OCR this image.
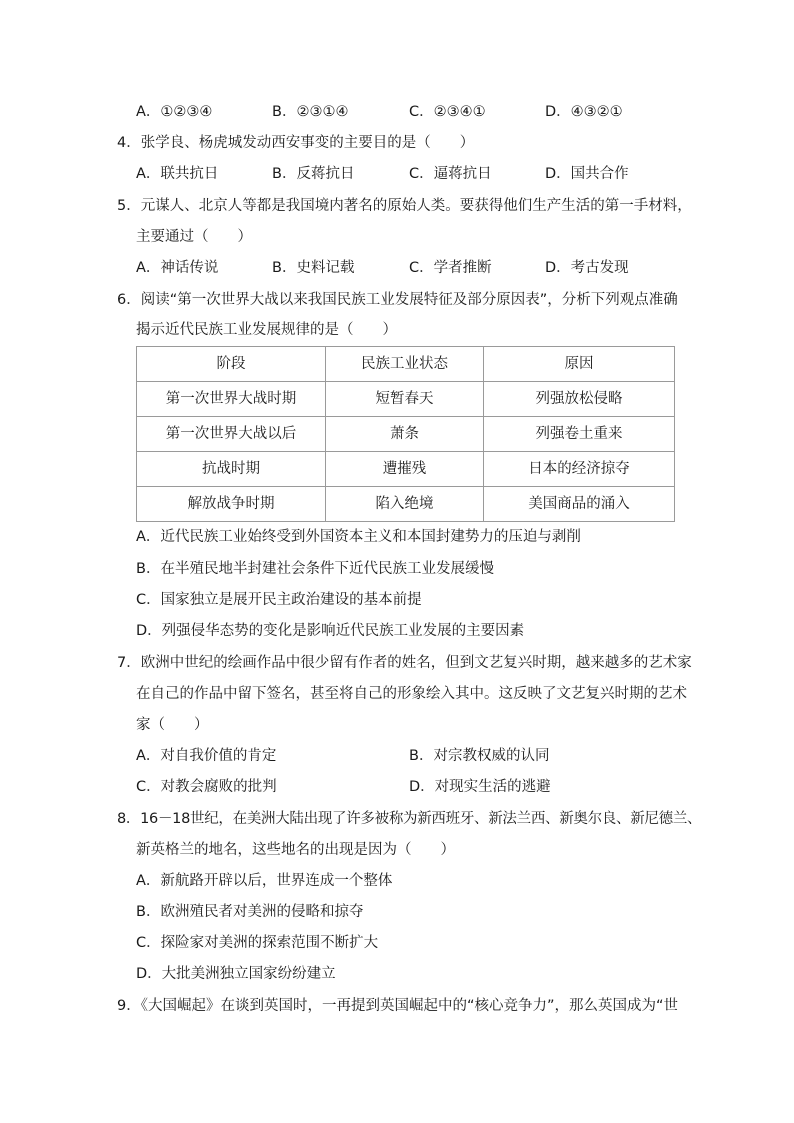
A．①②③④	B．②③①④	C．②③④①	D．④③②①
4．张学良、杨虎城发动西安事变的主要目的是（　　）
A．联共抗日	B．反蒋抗日	C．逼蒋抗日	D．国共合作
5．元谋人、北京人等都是我国境内著名的原始人类。要获得他们生产生活的第一手材料，
主要通过（　　）
A．神话传说	B．史料记载	C．学者推断	D．考古发现
6．阅读“第一次世界大战以来我国民族工业发展特征及部分原因表”，分析下列观点准确
揭示近代民族工业发展规律的是（　　）
阶段	民族工业状态	原因
第一次世界大战时期	短暂春天	列强放松侵略
第一次世界大战以后	萧条	列强卷土重来
抗战时期	遭摧残	日本的经济掠夺
解放战争时期	陷入绝境	美国商品的涌入
A．近代民族工业始终受到外国资本主义和本国封建势力的压迫与剥削
B．在半殖民地半封建社会条件下近代民族工业发展缓慢
C．国家独立是展开民主政治建设的基本前提
D．列强侵华态势的变化是影响近代民族工业发展的主要因素
7．欧洲中世纪的绘画作品中很少留有作者的姓名，但到文艺复兴时期，越来越多的艺术家
在自己的作品中留下签名，甚至将自己的形象绘入其中。这反映了文艺复兴时期的艺术
家（　　）
A．对自我价值的肯定	B．对宗教权威的认同
C．对教会腐败的批判	D．对现实生活的逃避
8．16－18世纪，在美洲大陆出现了许多被称为新西班牙、新法兰西、新奥尔良、新尼德兰、
新英格兰的地名，这些地名的出现是因为（　　）
A．新航路开辟以后，世界连成一个整体
B．欧洲殖民者对美洲的侵略和掠夺
C．探险家对美洲的探索范围不断扩大
D．大批美洲独立国家纷纷建立
9．《大国崛起》在谈到英国时，一再提到英国崛起中的“核心竞争力”，那么英国成为“世
